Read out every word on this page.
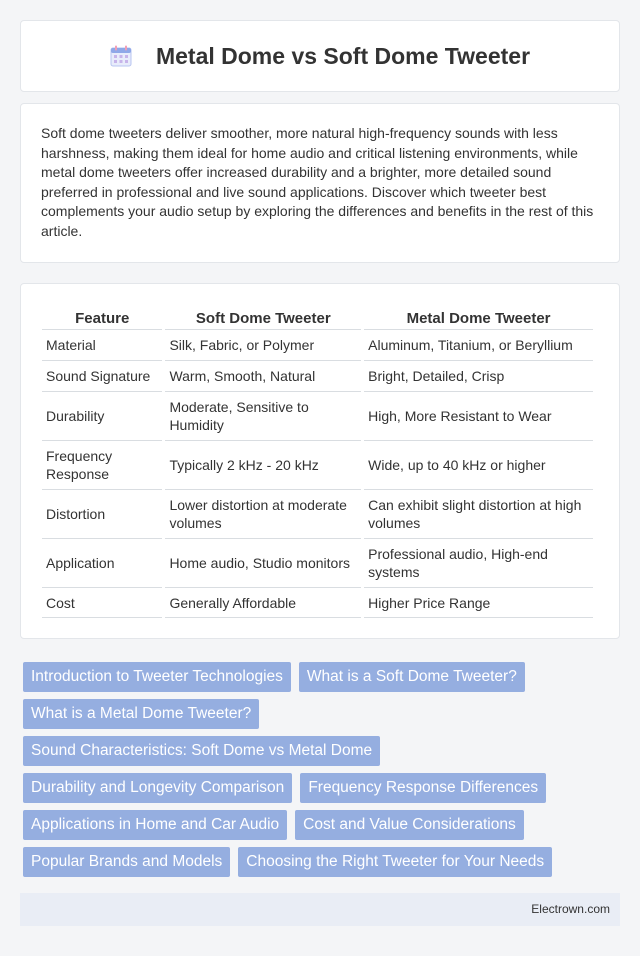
Metal Dome vs Soft Dome Tweeter

Soft dome tweeters deliver smoother, more natural high-frequency sounds with less harshness, making them ideal for home audio and critical listening environments, while metal dome tweeters offer increased durability and a brighter, more detailed sound preferred in professional and live sound applications. Discover which tweeter best complements your audio setup by exploring the differences and benefits in the rest of this article.

Feature	Soft Dome Tweeter	Metal Dome Tweeter
Material	Silk, Fabric, or Polymer	Aluminum, Titanium, or Beryllium
Sound Signature	Warm, Smooth, Natural	Bright, Detailed, Crisp
Durability	Moderate, Sensitive to Humidity	High, More Resistant to Wear
Frequency Response	Typically 2 kHz - 20 kHz	Wide, up to 40 kHz or higher
Distortion	Lower distortion at moderate volumes	Can exhibit slight distortion at high volumes
Application	Home audio, Studio monitors	Professional audio, High-end systems
Cost	Generally Affordable	Higher Price Range
Introduction to Tweeter Technologies	What is a Soft Dome Tweeter?
What is a Metal Dome Tweeter?
Sound Characteristics: Soft Dome vs Metal Dome
Durability and Longevity Comparison	Frequency Response Differences
Applications in Home and Car Audio	Cost and Value Considerations
Popular Brands and Models	Choosing the Right Tweeter for Your Needs
Electrown.com
